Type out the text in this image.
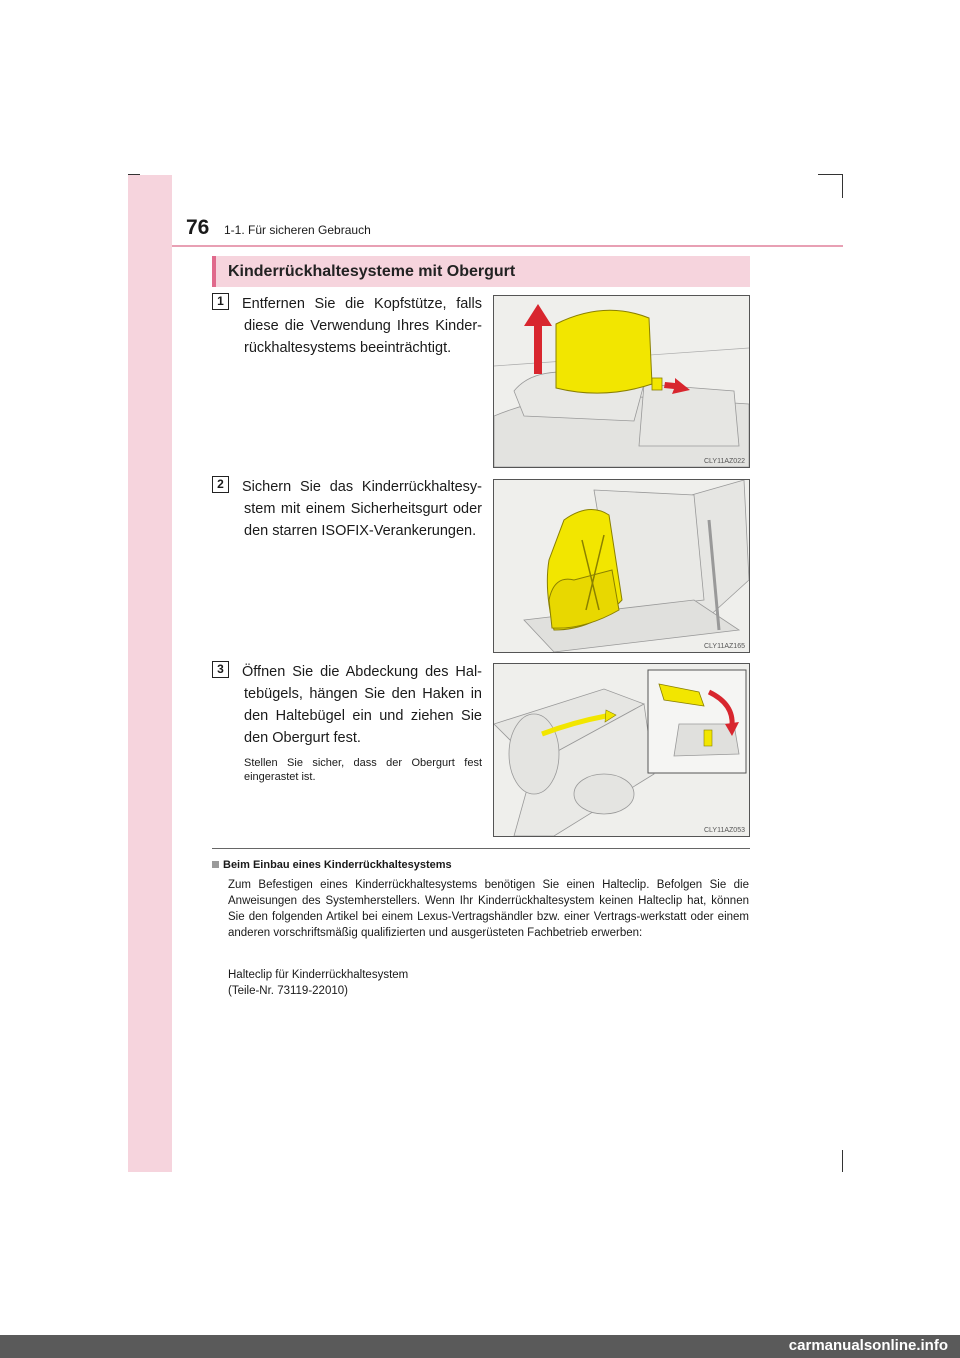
76 1-1. Für sicheren Gebrauch
Kinderrückhaltesysteme mit Obergurt
1	Entfernen Sie die Kopfstütze, falls diese die Verwendung Ihres Kinder-rückhaltesystems beeinträchtigt.
CLY11AZ022
2	Sichern Sie das Kinderrückhaltesy-stem mit einem Sicherheitsgurt oder den starren ISOFIX-Verankerungen.
CLY11AZ165
3	Öffnen Sie die Abdeckung des Hal-tebügels, hängen Sie den Haken in den Haltebügel ein und ziehen Sie den Obergurt fest.
Stellen Sie sicher, dass der Obergurt fest eingerastet ist.
CLY11AZ053
Beim Einbau eines Kinderrückhaltesystems
Zum Befestigen eines Kinderrückhaltesystems benötigen Sie einen Halteclip. Befolgen Sie die Anweisungen des Systemherstellers. Wenn Ihr Kinderrückhaltesystem keinen Halteclip hat, können Sie den folgenden Artikel bei einem Lexus-Vertragshändler bzw. einer Vertrags-werkstatt oder einem anderen vorschriftsmäßig qualifizierten und ausgerüsteten Fachbetrieb erwerben:
Halteclip für Kinderrückhaltesystem
(Teile-Nr. 73119-22010)
carmanualsonline.info
